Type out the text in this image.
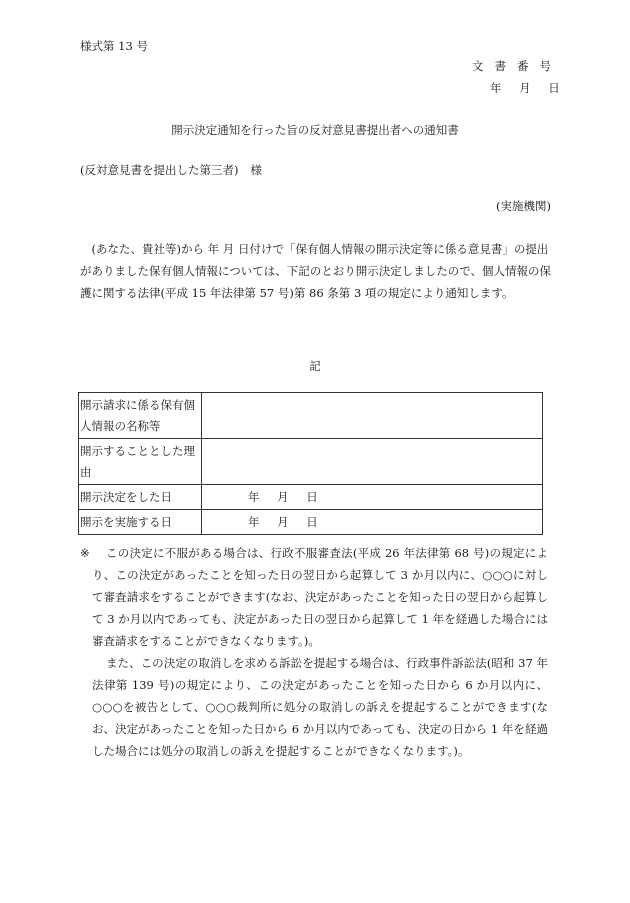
様式第 13 号
文書番号
年 月 日
開示決定通知を行った旨の反対意見書提出者への通知書
(反対意見書を提出した第三者) 様
(実施機関)
(あなた、貴社等)から 年 月 日付けで「保有個人情報の開示決定等に係る意見書」の提出がありました保有個人情報については、下記のとおり開示決定しましたので、個人情報の保護に関する法律(平成 15 年法律第 57 号)第 86 条第 3 項の規定により通知します。
記
開示請求に係る保有個人情報の名称等	
開示することとした理由	
開示決定をした日	年 月 日
開示を実施する日	年 月 日
※	この決定に不服がある場合は、行政不服審査法(平成 26 年法律第 68 号)の規定により、この決定があったことを知った日の翌日から起算して 3 か月以内に、○○○に対して審査請求をすることができます(なお、決定があったことを知った日の翌日から起算して 3 か月以内であっても、決定があった日の翌日から起算して 1 年を経過した場合には審査請求をすることができなくなります。)。
また、この決定の取消しを求める訴訟を提起する場合は、行政事件訴訟法(昭和 37 年法律第 139 号)の規定により、この決定があったことを知った日から 6 か月以内に、○○○を被告として、○○○裁判所に処分の取消しの訴えを提起することができます(なお、決定があったことを知った日から 6 か月以内であっても、決定の日から 1 年を経過した場合には処分の取消しの訴えを提起することができなくなります。)。
